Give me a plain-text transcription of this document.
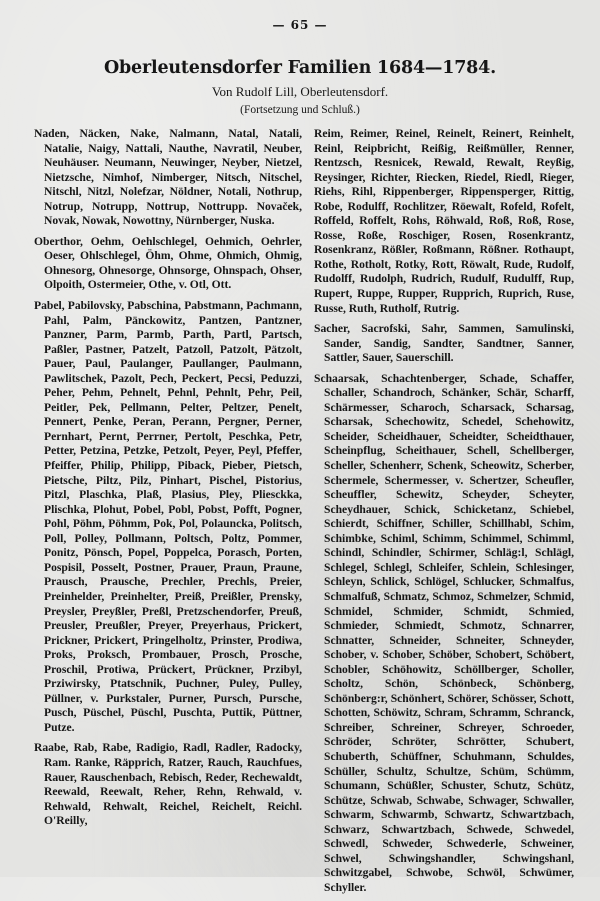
— 65 —
Oberleutensdorfer Familien 1684—1784.
Von Rudolf Lill, Oberleutensdorf.
(Fortsetzung und Schluß.)

Naden, Näcken, Nake, Nalmann, Natal, Natali, Natalie, Naigy, Nattali, Nauthe, Navratil, Neuber, Neuhäuser. Neumann, Neuwinger, Neyber, Nietzel, Nietzsche, Nimhof, Nimberger, Nitsch, Nitschel, Nitschl, Nitzl, Nolefzar, Nöldner, Notali, Nothrup, Notrup, Notrupp, Nottrup, Nottrupp. Novaček, Novak, Nowak, Nowottny, Nürnberger, Nuska.

Oberthor, Oehm, Oehlschlegel, Oehmich, Oehrler, Oeser, Ohlschlegel, Öhm, Ohme, Ohmich, Ohmig, Ohnesorg, Ohnesorge, Ohnsorge, Ohnspach, Ohser, Olpoith, Ostermeier, Othe, v. Otl, Ott.

Pabel, Pabilovsky, Pabschina, Pabstmann, Pachmann, Pahl, Palm, Pänckowitz, Pantzen, Pantzner, Panzner, Parm, Parmb, Parth, Partl, Partsch, Paßler, Pastner, Patzelt, Patzoll, Patzolt, Pätzolt, Pauer, Paul, Paulanger, Paullanger, Paulmann, Pawlitschek, Pazolt, Pech, Peckert, Pecsi, Peduzzi, Peher, Pehm, Pehnelt, Pehnl, Pehnlt, Pehr, Peil, Peitler, Pek, Pellmann, Pelter, Peltzer, Penelt, Pennert, Penke, Peran, Perann, Pergner, Perner, Pernhart, Pernt, Perrner, Pertolt, Peschka, Petr, Petter, Petzina, Petzke, Petzolt, Peyer, Peyl, Pfeffer, Pfeiffer, Philip, Philipp, Piback, Pieber, Pietsch, Pietsche, Piltz, Pilz, Pinhart, Pischel, Pistorius, Pitzl, Plaschka, Plaß, Plasius, Pley, Pliesckka, Plischka, Plohut, Pobel, Pobl, Pobst, Pofft, Pogner, Pohl, Pöhm, Pöhmm, Pok, Pol, Polauncka, Politsch, Poll, Polley, Pollmann, Poltsch, Poltz, Pommer, Ponitz, Pönsch, Popel, Poppelca, Porasch, Porten, Pospisil, Posselt, Postner, Prauer, Praun, Praune, Prausch, Prausche, Prechler, Prechls, Preier, Preinhelder, Preinhelter, Preiß, Preißler, Prensky, Preysler, Preyßler, Preßl, Pretzschendorfer, Preuß, Preusler, Preußler, Preyer, Preyerhaus, Prickert, Prickner, Prickert, Pringelholtz, Prinster, Prodiwa, Proks, Proksch, Prombauer, Prosch, Prosche, Proschil, Protiwa, Prückert, Prückner, Przibyl, Prziwirsky, Ptatschnik, Puchner, Puley, Pulley, Püllner, v. Purkstaler, Purner, Pursch, Pursche, Pusch, Püschel, Püschl, Puschta, Puttik, Püttner, Putze.

Raabe, Rab, Rabe, Radigio, Radl, Radler, Radocky, Ram. Ranke, Räpprich, Ratzer, Rauch, Rauchfues, Rauer, Rauschenbach, Rebisch, Reder, Rechewaldt, Reewald, Reewalt, Reher, Rehn, Rehwald, v. Rehwald, Rehwalt, Reichel, Reichelt, Reichl. O'Reilly,

Reim, Reimer, Reinel, Reinelt, Reinert, Reinhelt, Reinl, Reipbricht, Reißig, Reißmüller, Renner, Rentzsch, Resnicek, Rewald, Rewalt, Reyßig, Reysinger, Richter, Riecken, Riedel, Riedl, Rieger, Riehs, Rihl, Rippenberger, Rippensperger, Rittig, Robe, Rodulff, Rochlitzer, Röewalt, Rofeld, Rofelt, Roffeld, Roffelt, Rohs, Röhwald, Roß, Roß, Rose, Rosse, Roße, Roschiger, Rosen, Rosenkrantz, Rosenkranz, Rößler, Roßmann, Rößner. Rothaupt, Rothe, Rotholt, Rotky, Rott, Röwalt, Rude, Rudolf, Rudolff, Rudolph, Rudrich, Rudulf, Rudulff, Rup, Rupert, Ruppe, Rupper, Rupprich, Ruprich, Ruse, Russe, Ruth, Rutholf, Rutrig.

Sacher, Sacrofski, Sahr, Sammen, Samulinski, Sander, Sandig, Sandter, Sandtner, Sanner, Sattler, Sauer, Sauerschill.

Schaarsak, Schachtenberger, Schade, Schaffer, Schaller, Schandroch, Schänker, Schär, Scharff, Schärmesser, Scharoch, Scharsack, Scharsag, Scharsak, Schechowitz, Schedel, Schehowitz, Scheider, Scheidhauer, Scheidter, Scheidthauer, Scheinpflug, Scheithauer, Schell, Schellberger, Scheller, Schenherr, Schenk, Scheowitz, Scherber, Schermele, Schermesser, v. Schertzer, Scheufler, Scheuffler, Schewitz, Scheyder, Scheyter, Scheydhauer, Schick, Schicketanz, Schiebel, Schierdt, Schiffner, Schiller, Schillhabl, Schim, Schimbke, Schiml, Schimm, Schimmel, Schimml, Schindl, Schindler, Schirmer, Schläg:l, Schlägl, Schlegel, Schlegl, Schleifer, Schlein, Schlesinger, Schleyn, Schlick, Schlögel, Schlucker, Schmalfus, Schmalfuß, Schmatz, Schmoz, Schmelzer, Schmid, Schmidel, Schmider, Schmidt, Schmied, Schmieder, Schmiedt, Schmotz, Schnarrer, Schnatter, Schneider, Schneiter, Schneyder, Schober, v. Schober, Schöber, Schobert, Schöbert, Schobler, Schöhowitz, Schöllberger, Scholler, Scholtz, Schön, Schönbeck, Schönberg, Schönberg:r, Schönhert, Schörer, Schösser, Schott, Schotten, Schöwitz, Schram, Schramm, Schranck, Schreiber, Schreiner, Schreyer, Schroeder, Schröder, Schröter, Schrötter, Schubert, Schuberth, Schüffner, Schuhmann, Schuldes, Schüller, Schultz, Schultze, Schüm, Schümm, Schumann, Schüßler, Schuster, Schutz, Schütz, Schütze, Schwab, Schwabe, Schwager, Schwaller, Schwarm, Schwarmb, Schwartz, Schwartzbach, Schwarz, Schwartzbach, Schwede, Schwedel, Schwedl, Schweder, Schwederle, Schweiner, Schwel, Schwingshandler, Schwingshanl, Schwitzgabel, Schwobe, Schwöl, Schwümer, Schyller.
